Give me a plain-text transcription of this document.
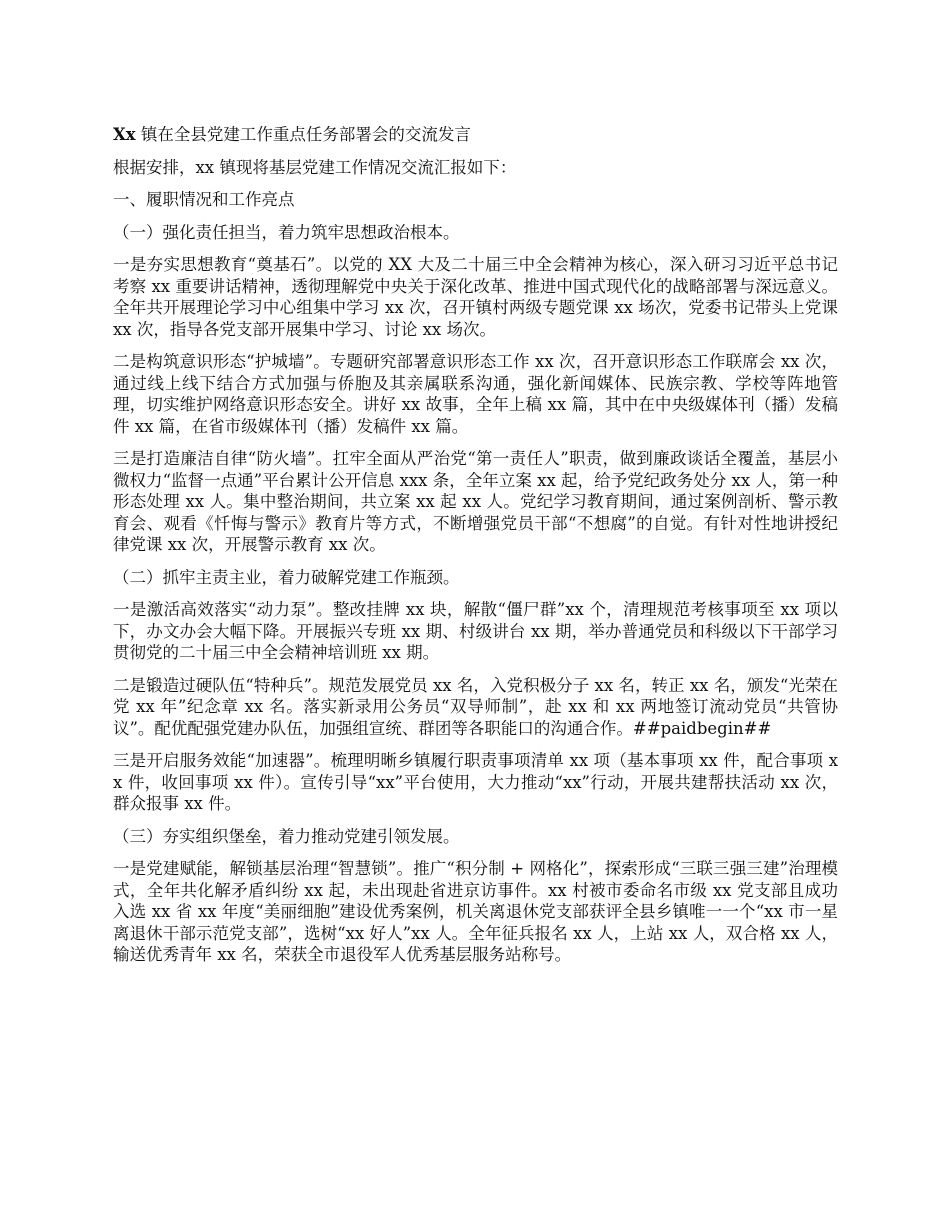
Xx 镇在全县党建工作重点任务部署会的交流发言

根据安排，xx 镇现将基层党建工作情况交流汇报如下：

一、履职情况和工作亮点

（一）强化责任担当，着力筑牢思想政治根本。

一是夯实思想教育“奠基石”。以党的 XX 大及二十届三中全会精神为核心，深入研习习近平总书记考察 xx 重要讲话精神，透彻理解党中央关于深化改革、推进中国式现代化的战略部署与深远意义。全年共开展理论学习中心组集中学习 xx 次，召开镇村两级专题党课 xx 场次，党委书记带头上党课 xx 次，指导各党支部开展集中学习、讨论 xx 场次。

二是构筑意识形态“护城墙”。专题研究部署意识形态工作 xx 次，召开意识形态工作联席会 xx 次，通过线上线下结合方式加强与侨胞及其亲属联系沟通，强化新闻媒体、民族宗教、学校等阵地管理，切实维护网络意识形态安全。讲好 xx 故事，全年上稿 xx 篇，其中在中央级媒体刊（播）发稿件 xx 篇，在省市级媒体刊（播）发稿件 xx 篇。

三是打造廉洁自律“防火墙”。扛牢全面从严治党“第一责任人”职责，做到廉政谈话全覆盖，基层小微权力“监督一点通”平台累计公开信息 xxx 条，全年立案 xx 起，给予党纪政务处分 xx 人，第一种形态处理 xx 人。集中整治期间，共立案 xx 起 xx 人。党纪学习教育期间，通过案例剖析、警示教育会、观看《忏悔与警示》教育片等方式，不断增强党员干部“不想腐”的自觉。有针对性地讲授纪律党课 xx 次，开展警示教育 xx 次。

（二）抓牢主责主业，着力破解党建工作瓶颈。

一是激活高效落实“动力泵”。整改挂牌 xx 块，解散“僵尸群”xx 个，清理规范考核事项至 xx 项以下，办文办会大幅下降。开展振兴专班 xx 期、村级讲台 xx 期，举办普通党员和科级以下干部学习贯彻党的二十届三中全会精神培训班 xx 期。

二是锻造过硬队伍“特种兵”。规范发展党员 xx 名，入党积极分子 xx 名，转正 xx 名，颁发“光荣在党 xx 年”纪念章 xx 名。落实新录用公务员“双导师制”，赴 xx 和 xx 两地签订流动党员“共管协议”。配优配强党建办队伍，加强组宣统、群团等各职能口的沟通合作。##paidbegin##

三是开启服务效能“加速器”。梳理明晰乡镇履行职责事项清单 xx 项（基本事项 xx 件，配合事项 xx 件，收回事项 xx 件）。宣传引导“xx”平台使用，大力推动“xx”行动，开展共建帮扶活动 xx 次，群众报事 xx 件。

（三）夯实组织堡垒，着力推动党建引领发展。

一是党建赋能，解锁基层治理“智慧锁”。推广“积分制 + 网格化”，探索形成“三联三强三建”治理模式，全年共化解矛盾纠纷 xx 起，未出现赴省进京访事件。xx 村被市委命名市级 xx 党支部且成功入选 xx 省 xx 年度“美丽细胞”建设优秀案例，机关离退休党支部获评全县乡镇唯一一个“xx 市一星离退休干部示范党支部”，选树“xx 好人”xx 人。全年征兵报名 xx 人，上站 xx 人，双合格 xx 人，输送优秀青年 xx 名，荣获全市退役军人优秀基层服务站称号。
